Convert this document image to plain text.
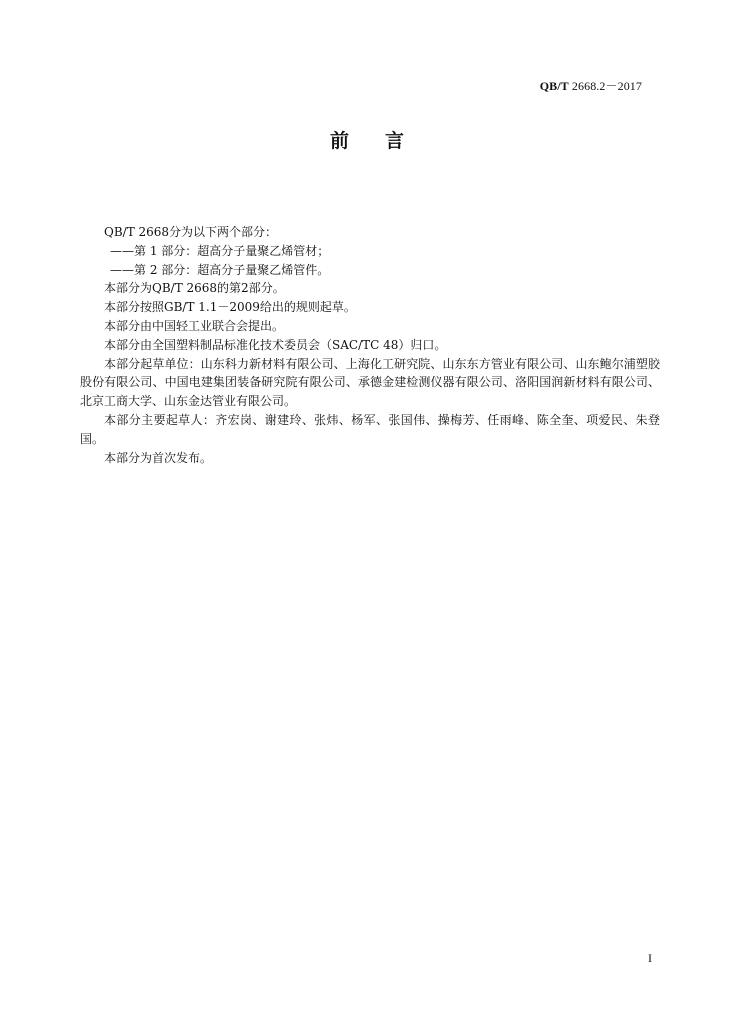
QB/T 2668.2－2017
前言

QB/T 2668分为以下两个部分：

——第 1 部分：超高分子量聚乙烯管材；

——第 2 部分：超高分子量聚乙烯管件。

本部分为QB/T 2668的第2部分。

本部分按照GB/T 1.1－2009给出的规则起草。

本部分由中国轻工业联合会提出。

本部分由全国塑料制品标准化技术委员会（SAC/TC 48）归口。

本部分起草单位：山东科力新材料有限公司、上海化工研究院、山东东方管业有限公司、山东鲍尔浦塑胶股份有限公司、中国电建集团装备研究院有限公司、承德金建检测仪器有限公司、洛阳国润新材料有限公司、北京工商大学、山东金达管业有限公司。

本部分主要起草人：齐宏岗、谢建玲、张炜、杨军、张国伟、操梅芳、任雨峰、陈全奎、项爱民、朱登国。

本部分为首次发布。

I
